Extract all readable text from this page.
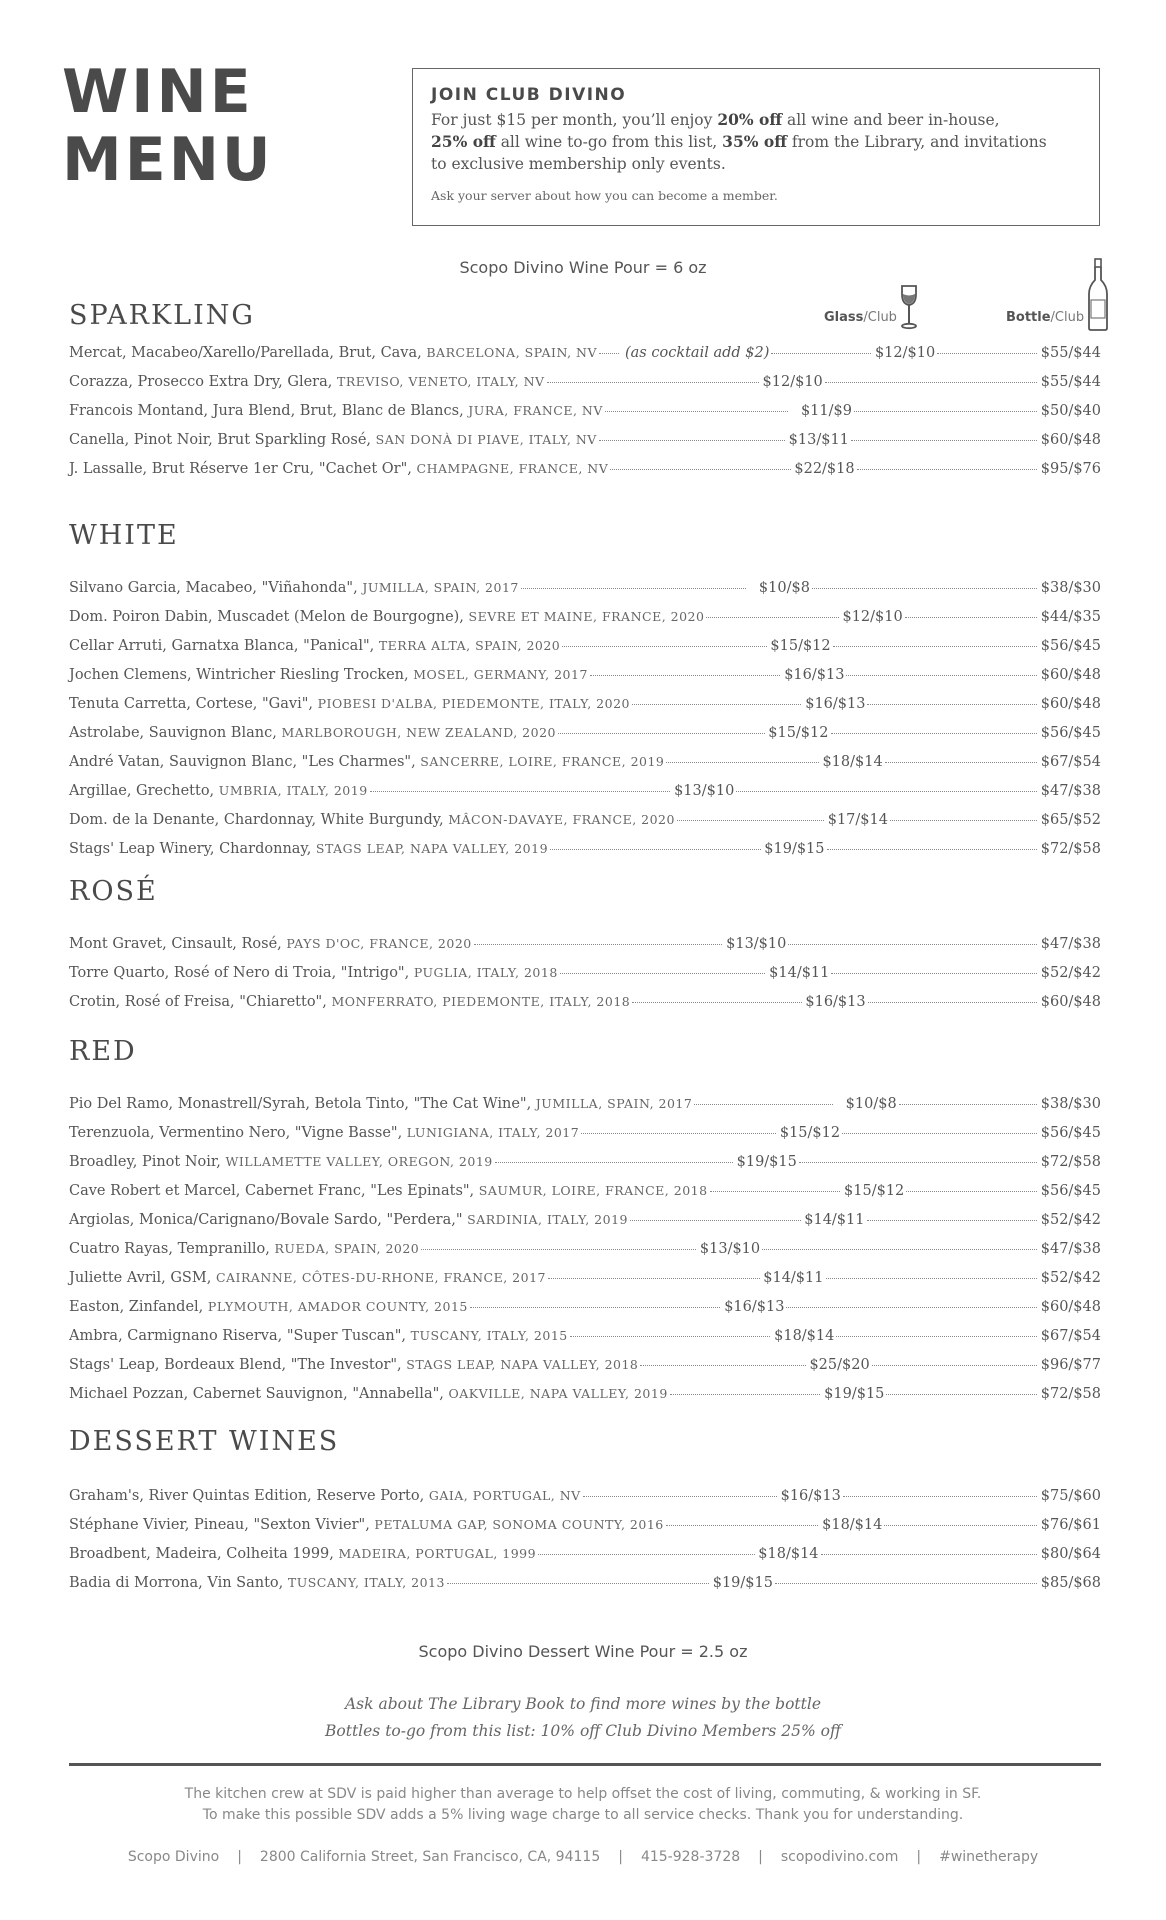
WINE
MENU
JOIN CLUB DIVINO

For just $15 per month, you’ll enjoy 20% off all wine and beer in-house,
25% off all wine to-go from this list, 35% off from the Library, and invitations
to exclusive membership only events.

Ask your server about how you can become a member.

Scopo Divino Wine Pour = 6 oz
Glass/Club	Bottle/Club
SPARKLING
Mercat, Macabeo/Xarello/Parellada, Brut, Cava, BARCELONA, SPAIN, NV (as cocktail add $2)	$12/$10	$55/$44
Corazza, Prosecco Extra Dry, Glera, TREVISO, VENETO, ITALY, NV	$12/$10	$55/$44
Francois Montand, Jura Blend, Brut, Blanc de Blancs, JURA, FRANCE, NV	$11/$9	$50/$40
Canella, Pinot Noir, Brut Sparkling Rosé, SAN DONÀ DI PIAVE, ITALY, NV	$13/$11	$60/$48
J. Lassalle, Brut Réserve 1er Cru, "Cachet Or", CHAMPAGNE, FRANCE, NV	$22/$18	$95/$76
WHITE
Silvano Garcia, Macabeo, "Viñahonda", JUMILLA, SPAIN, 2017	$10/$8	$38/$30
Dom. Poiron Dabin, Muscadet (Melon de Bourgogne), SEVRE ET MAINE, FRANCE, 2020	$12/$10	$44/$35
Cellar Arruti, Garnatxa Blanca, "Panical", TERRA ALTA, SPAIN, 2020	$15/$12	$56/$45
Jochen Clemens, Wintricher Riesling Trocken, MOSEL, GERMANY, 2017	$16/$13	$60/$48
Tenuta Carretta, Cortese, "Gavi", PIOBESI D'ALBA, PIEDEMONTE, ITALY, 2020	$16/$13	$60/$48
Astrolabe, Sauvignon Blanc, MARLBOROUGH, NEW ZEALAND, 2020	$15/$12	$56/$45
André Vatan, Sauvignon Blanc, "Les Charmes", SANCERRE, LOIRE, FRANCE, 2019	$18/$14	$67/$54
Argillae, Grechetto, UMBRIA, ITALY, 2019	$13/$10	$47/$38
Dom. de la Denante, Chardonnay, White Burgundy, MÂCON-DAVAYE, FRANCE, 2020	$17/$14	$65/$52
Stags' Leap Winery, Chardonnay, STAGS LEAP, NAPA VALLEY, 2019	$19/$15	$72/$58
ROSÉ
Mont Gravet, Cinsault, Rosé, PAYS D'OC, FRANCE, 2020	$13/$10	$47/$38
Torre Quarto, Rosé of Nero di Troia, "Intrigo", PUGLIA, ITALY, 2018	$14/$11	$52/$42
Crotin, Rosé of Freisa, "Chiaretto", MONFERRATO, PIEDEMONTE, ITALY, 2018	$16/$13	$60/$48
RED
Pio Del Ramo, Monastrell/Syrah, Betola Tinto, "The Cat Wine", JUMILLA, SPAIN, 2017	$10/$8	$38/$30
Terenzuola, Vermentino Nero, "Vigne Basse", LUNIGIANA, ITALY, 2017	$15/$12	$56/$45
Broadley, Pinot Noir, WILLAMETTE VALLEY, OREGON, 2019	$19/$15	$72/$58
Cave Robert et Marcel, Cabernet Franc, "Les Epinats", SAUMUR, LOIRE, FRANCE, 2018	$15/$12	$56/$45
Argiolas, Monica/Carignano/Bovale Sardo, "Perdera," SARDINIA, ITALY, 2019	$14/$11	$52/$42
Cuatro Rayas, Tempranillo, RUEDA, SPAIN, 2020	$13/$10	$47/$38
Juliette Avril, GSM, CAIRANNE, CÔTES-DU-RHONE, FRANCE, 2017	$14/$11	$52/$42
Easton, Zinfandel, PLYMOUTH, AMADOR COUNTY, 2015	$16/$13	$60/$48
Ambra, Carmignano Riserva, "Super Tuscan", TUSCANY, ITALY, 2015	$18/$14	$67/$54
Stags' Leap, Bordeaux Blend, "The Investor", STAGS LEAP, NAPA VALLEY, 2018	$25/$20	$96/$77
Michael Pozzan, Cabernet Sauvignon, "Annabella", OAKVILLE, NAPA VALLEY, 2019	$19/$15	$72/$58
DESSERT WINES
Graham's, River Quintas Edition, Reserve Porto, GAIA, PORTUGAL, NV	$16/$13	$75/$60
Stéphane Vivier, Pineau, "Sexton Vivier", PETALUMA GAP, SONOMA COUNTY, 2016	$18/$14	$76/$61
Broadbent, Madeira, Colheita 1999, MADEIRA, PORTUGAL, 1999	$18/$14	$80/$64
Badia di Morrona, Vin Santo, TUSCANY, ITALY, 2013	$19/$15	$85/$68
Scopo Divino Dessert Wine Pour = 2.5 oz
Ask about The Library Book to find more wines by the bottle
Bottles to-go from this list: 10% off Club Divino Members 25% off
The kitchen crew at SDV is paid higher than average to help offset the cost of living, commuting, & working in SF.
To make this possible SDV adds a 5% living wage charge to all service checks. Thank you for understanding.
Scopo Divino | 2800 California Street, San Francisco, CA, 94115 | 415-928-3728 | scopodivino.com | #winetherapy
